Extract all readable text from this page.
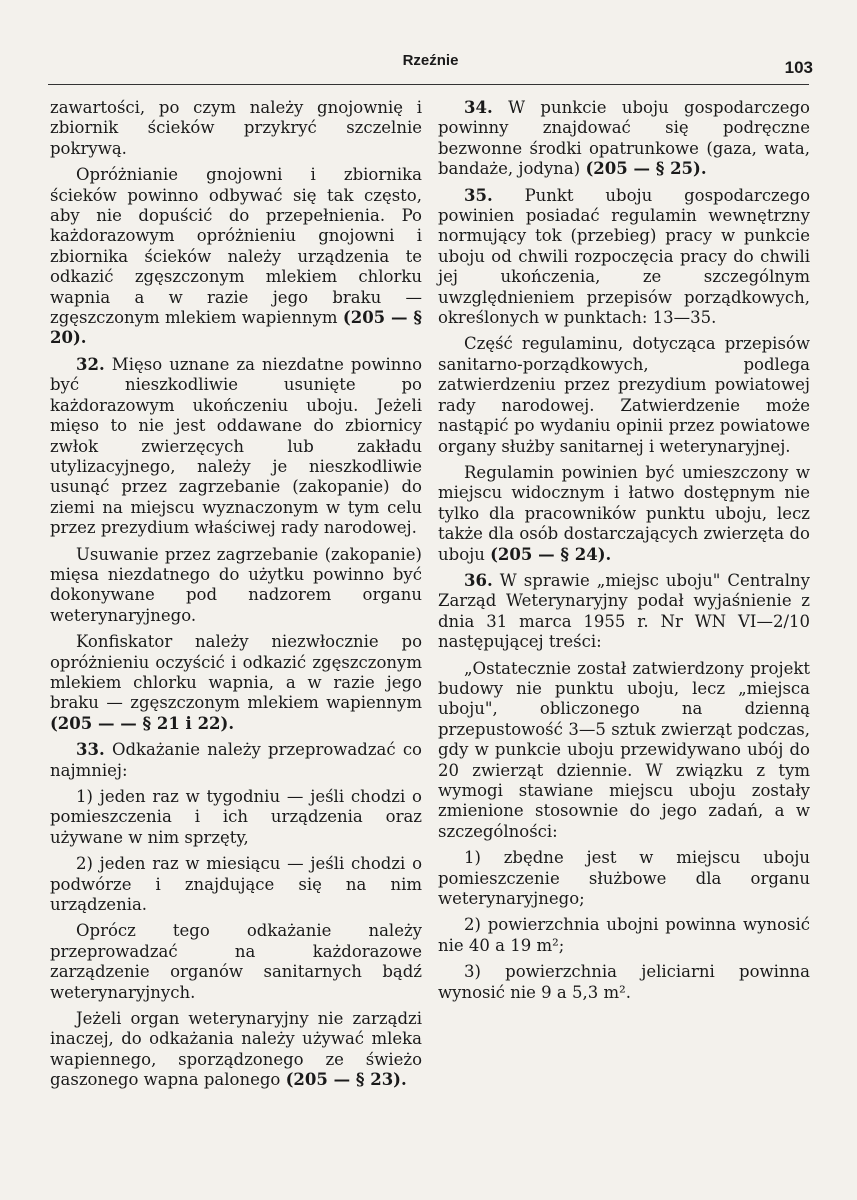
Rzeźnie	103

zawartości, po czym należy gnojownię i zbiornik ścieków przykryć szczelnie pokrywą.

Opróżnianie gnojowni i zbiornika ścieków powinno odbywać się tak często, aby nie dopuścić do przepełnienia. Po każdorazowym opróżnieniu gnojowni i zbiornika ścieków należy urządzenia te odkazić zgęszczonym mlekiem chlorku wapnia a w razie jego braku — zgęszczonym mlekiem wapiennym (205 — § 20).

32. Mięso uznane za niezdatne powinno być nieszkodliwie usunięte po każdorazowym ukończeniu uboju. Jeżeli mięso to nie jest oddawane do zbiornicy zwłok zwierzęcych lub zakładu utylizacyjnego, należy je nieszkodliwie usunąć przez zagrzebanie (zakopanie) do ziemi na miejscu wyznaczonym w tym celu przez prezydium właściwej rady narodowej.

Usuwanie przez zagrzebanie (zakopanie) mięsa niezdatnego do użytku powinno być dokonywane pod nadzorem organu weterynaryjnego.

Konfiskator należy niezwłocznie po opróżnieniu oczyścić i odkazić zgęszczonym mlekiem chlorku wapnia, a w razie jego braku — zgęszczonym mlekiem wapiennym (205 — — § 21 i 22).

33. Odkażanie należy przeprowadzać co najmniej:

1) jeden raz w tygodniu — jeśli chodzi o pomieszczenia i ich urządzenia oraz używane w nim sprzęty,

2) jeden raz w miesiącu — jeśli chodzi o podwórze i znajdujące się na nim urządzenia.

Oprócz tego odkażanie należy przeprowadzać na każdorazowe zarządzenie organów sanitarnych bądź weterynaryjnych.

Jeżeli organ weterynaryjny nie zarządzi inaczej, do odkażania należy używać mleka wapiennego, sporządzonego ze świeżo gaszonego wapna palonego (205 — § 23).

34. W punkcie uboju gospodarczego powinny znajdować się podręczne bezwonne środki opatrunkowe (gaza, wata, bandaże, jodyna) (205 — § 25).

35. Punkt uboju gospodarczego powinien posiadać regulamin wewnętrzny normujący tok (przebieg) pracy w punkcie uboju od chwili rozpoczęcia pracy do chwili jej ukończenia, ze szczególnym uwzględnieniem przepisów porządkowych, określonych w punktach: 13—35.

Część regulaminu, dotycząca przepisów sanitarno-porządkowych, podlega zatwierdzeniu przez prezydium powiatowej rady narodowej. Zatwierdzenie może nastąpić po wydaniu opinii przez powiatowe organy służby sanitarnej i weterynaryjnej.

Regulamin powinien być umieszczony w miejscu widocznym i łatwo dostępnym nie tylko dla pracowników punktu uboju, lecz także dla osób dostarczających zwierzęta do uboju (205 — § 24).

36. W sprawie „miejsc uboju" Centralny Zarząd Weterynaryjny podał wyjaśnienie z dnia 31 marca 1955 r. Nr WN VI—2/10 następującej treści:

„Ostatecznie został zatwierdzony projekt budowy nie punktu uboju, lecz „miejsca uboju", obliczonego na dzienną przepustowość 3—5 sztuk zwierząt podczas, gdy w punkcie uboju przewidywano ubój do 20 zwierząt dziennie. W związku z tym wymogi stawiane miejscu uboju zostały zmienione stosownie do jego zadań, a w szczególności:

1) zbędne jest w miejscu uboju pomieszczenie służbowe dla organu weterynaryjnego;

2) powierzchnia ubojni powinna wynosić nie 40 a 19 m²;

3) powierzchnia jeliciarni powinna wynosić nie 9 a 5,3 m².
